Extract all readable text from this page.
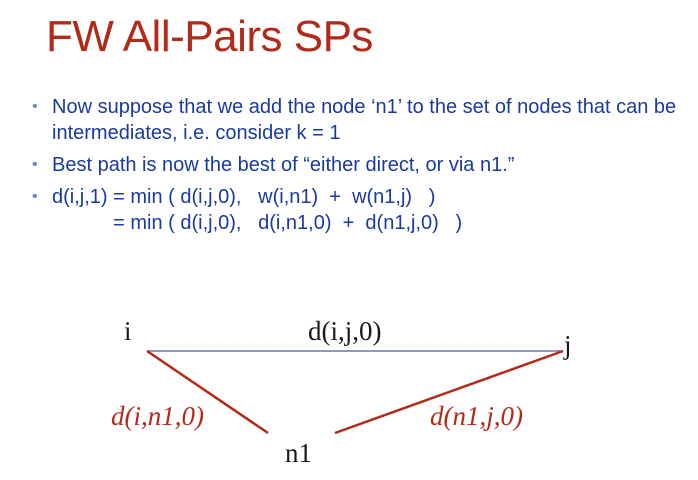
FW All-Pairs SPs
• Now suppose that we add the node ‘n1’ to the set of nodes that can be intermediates, i.e. consider k = 1
• Best path is now the best of “either direct, or via n1.”
• d(i,j,1) = min ( d(i,j,0),   w(i,n1)  +  w(n1,j)   )
= min ( d(i,j,0),   d(i,n1,0)  +  d(n1,j,0)   )
i	j
n1
d(i,j,0)
d(i,n1,0)	d(n1,j,0)
